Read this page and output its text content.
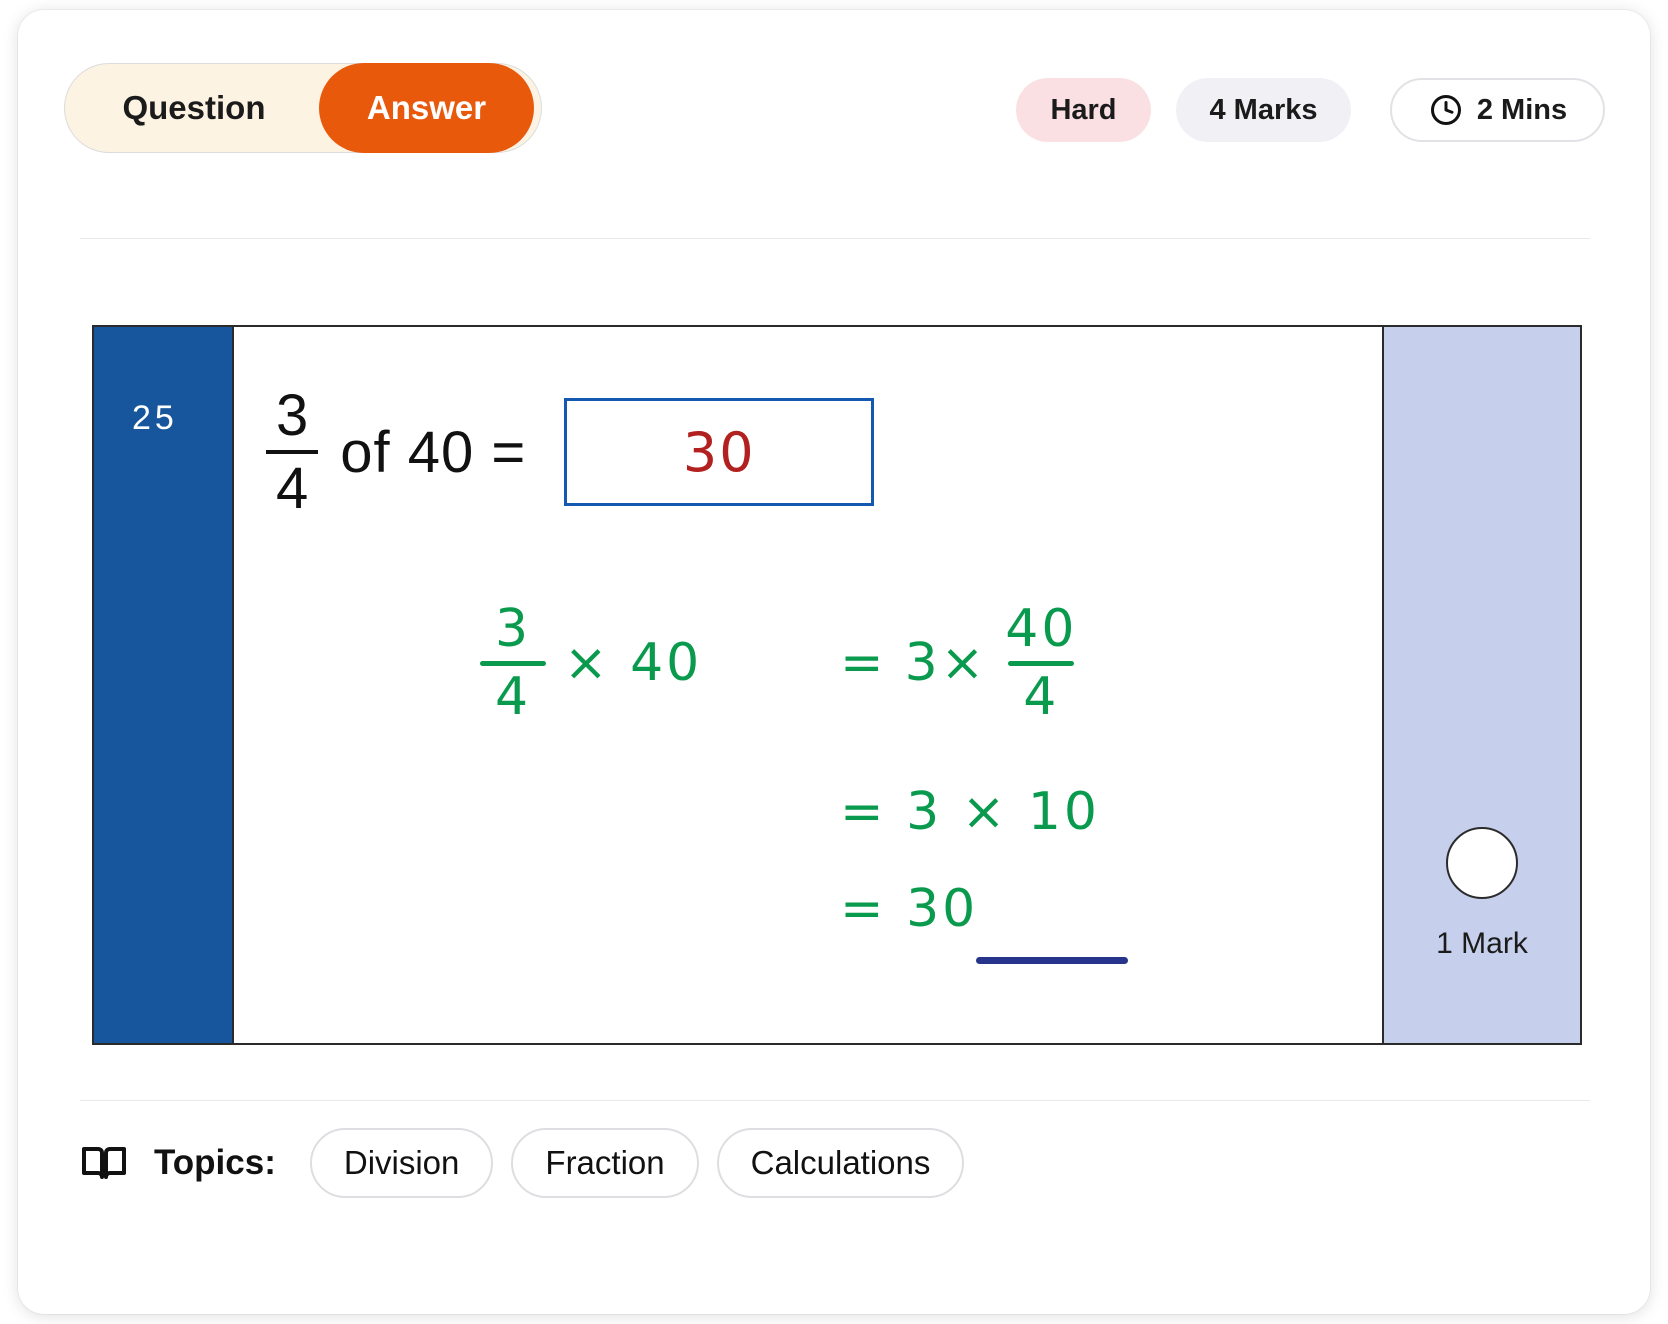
Question	Answer	Hard	4 Marks	2 Mins
$25 \frac{3}{4}$ of 40 =	30
3
4
× 40	= 3×
40
4
= 3 × 10
= 30
1 Mark
Topics:	Division	Fraction	Calculations
